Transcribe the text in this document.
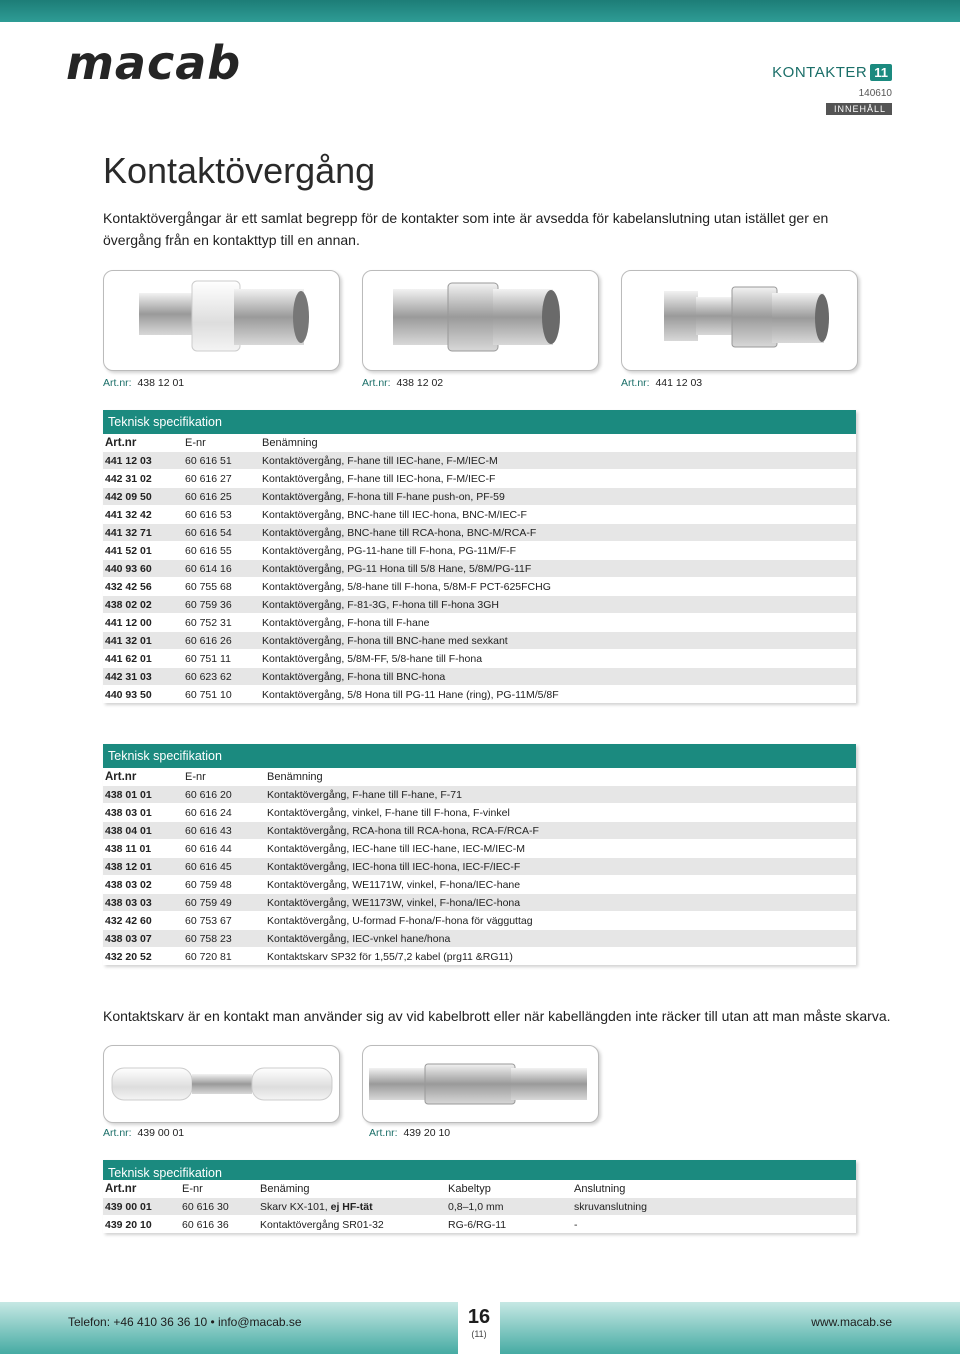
macab	KONTAKTER 11
140610
INNEHÅLL
Kontaktövergång
Kontaktövergångar är ett samlat begrepp för de kontakter som inte är avsedda för kabelanslutning utan istället ger en övergång från en kontakttyp till en annan.
Art.nr: 438 12 01	Art.nr: 438 12 02	Art.nr: 441 12 03
Teknisk specifikation
Art.nr	E-nr	Benämning
441 12 03	60 616 51	Kontaktövergång, F-hane till IEC-hane, F-M/IEC-M
442 31 02	60 616 27	Kontaktövergång, F-hane till IEC-hona, F-M/IEC-F
442 09 50	60 616 25	Kontaktövergång, F-hona till F-hane push-on, PF-59
441 32 42	60 616 53	Kontaktövergång, BNC-hane till IEC-hona, BNC-M/IEC-F
441 32 71	60 616 54	Kontaktövergång, BNC-hane till RCA-hona, BNC-M/RCA-F
441 52 01	60 616 55	Kontaktövergång, PG-11-hane till F-hona, PG-11M/F-F
440 93 60	60 614 16	Kontaktövergång, PG-11 Hona till 5/8 Hane, 5/8M/PG-11F
432 42 56	60 755 68	Kontaktövergång, 5/8-hane till F-hona, 5/8M-F PCT-625FCHG
438 02 02	60 759 36	Kontaktövergång, F-81-3G, F-hona till F-hona 3GH
441 12 00	60 752 31	Kontaktövergång, F-hona till F-hane
441 32 01	60 616 26	Kontaktövergång, F-hona till BNC-hane med sexkant
441 62 01	60 751 11	Kontaktövergång, 5/8M-FF, 5/8-hane till F-hona
442 31 03	60 623 62	Kontaktövergång, F-hona till BNC-hona
440 93 50	60 751 10	Kontaktövergång, 5/8 Hona till PG-11 Hane (ring), PG-11M/5/8F
Teknisk specifikation
Art.nr	E-nr	Benämning
438 01 01	60 616 20	Kontaktövergång, F-hane till F-hane, F-71
438 03 01	60 616 24	Kontaktövergång, vinkel, F-hane till F-hona, F-vinkel
438 04 01	60 616 43	Kontaktövergång, RCA-hona till RCA-hona, RCA-F/RCA-F
438 11 01	60 616 44	Kontaktövergång, IEC-hane till IEC-hane, IEC-M/IEC-M
438 12 01	60 616 45	Kontaktövergång, IEC-hona till IEC-hona, IEC-F/IEC-F
438 03 02	60 759 48	Kontaktövergång, WE1171W, vinkel, F-hona/IEC-hane
438 03 03	60 759 49	Kontaktövergång, WE1173W, vinkel, F-hona/IEC-hona
432 42 60	60 753 67	Kontaktövergång, U-formad F-hona/F-hona för vägguttag
438 03 07	60 758 23	Kontaktövergång, IEC-vnkel hane/hona
432 20 52	60 720 81	Kontaktskarv SP32 för 1,55/7,2 kabel (prg11 &RG11)
Kontaktskarv är en kontakt man använder sig av vid kabelbrott eller när kabellängden inte räcker till utan att man måste skarva.
Art.nr: 439 00 01	Art.nr: 439 20 10
Teknisk specifikation
Art.nr	E-nr	Benäming	Kabeltyp	Anslutning
439 00 01	60 616 30	Skarv KX-101, ej HF-tät	0,8–1,0 mm	skruvanslutning
439 20 10	60 616 36	Kontaktövergång SR01-32	RG-6/RG-11	-
Telefon: +46 410 36 36 10 • info@macab.se	16
(11)
www.macab.se
